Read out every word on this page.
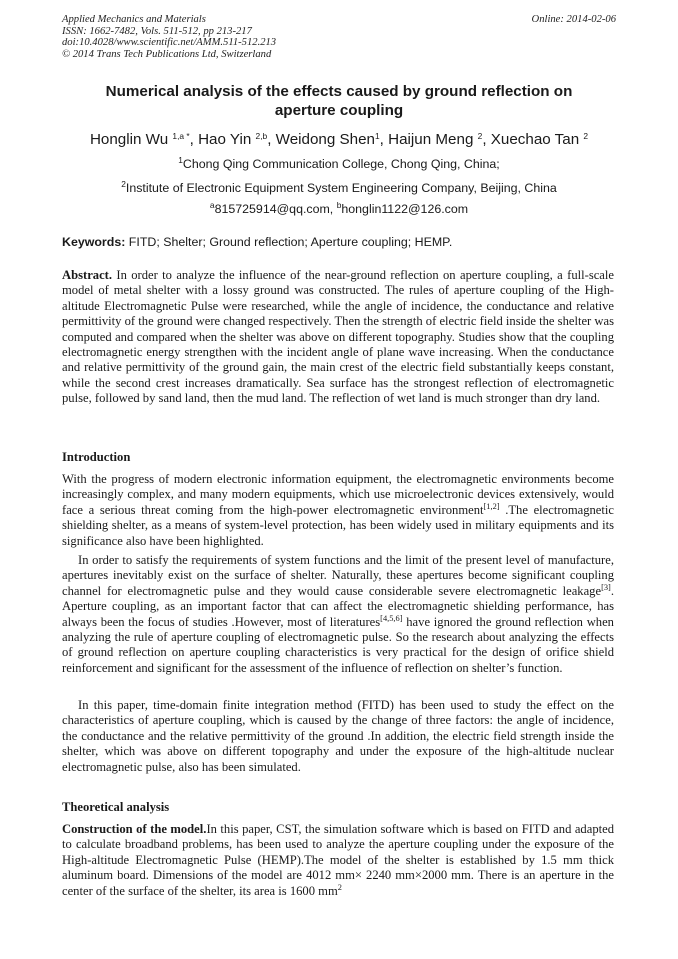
Applied Mechanics and Materials
ISSN: 1662-7482, Vols. 511-512, pp 213-217
doi:10.4028/www.scientific.net/AMM.511-512.213
© 2014 Trans Tech Publications Ltd, Switzerland
Online: 2014-02-06
Numerical analysis of the effects caused by ground reflection on
aperture coupling
Honglin Wu $^{1,a *}$, Hao Yin $^{2,b}$, Weidong Shen$^1$, Haijun Meng $^2$, Xuechao Tan $^2$
$^1$Chong Qing Communication College, Chong Qing, China;
$^2$Institute of Electronic Equipment System Engineering Company, Beijing, China
$^a$815725914@qq.com, $^b$honglin1122@126.com
Keywords: FITD; Shelter; Ground reflection; Aperture coupling; HEMP.
Abstract. In order to analyze the influence of the near-ground reflection on aperture coupling, a full-scale model of metal shelter with a lossy ground was constructed. The rules of aperture coupling of the High-altitude Electromagnetic Pulse were researched, while the angle of incidence, the conductance and relative permittivity of the ground were changed respectively. Then the strength of electric field inside the shelter was computed and compared when the shelter was above on different topography. Studies show that the coupling electromagnetic energy strengthen with the incident angle of plane wave increasing. When the conductance and relative permittivity of the ground gain, the main crest of the electric field substantially keeps constant, while the second crest increases dramatically. Sea surface has the strongest reflection of electromagnetic pulse, followed by sand land, then the mud land. The reflection of wet land is much stronger than dry land.
Introduction
With the progress of modern electronic information equipment, the electromagnetic environments become increasingly complex, and many modern equipments, which use microelectronic devices extensively, would face a serious threat coming from the high-power electromagnetic environment[1,2] .The electromagnetic shielding shelter, as a means of system-level protection, has been widely used in military equipments and its significance also have been highlighted.
In order to satisfy the requirements of system functions and the limit of the present level of manufacture, apertures inevitably exist on the surface of shelter. Naturally, these apertures become significant coupling channel for electromagnetic pulse and they would cause considerable severe electromagnetic leakage[3]. Aperture coupling, as an important factor that can affect the electromagnetic shielding performance, has always been the focus of studies .However, most of literatures[4,5,6] have ignored the ground reflection when analyzing the rule of aperture coupling of electromagnetic pulse. So the research about analyzing the effects of ground reflection on aperture coupling characteristics is very practical for the design of orifice shield reinforcement and significant for the assessment of the influence of reflection on shelter’s function.
In this paper, time-domain finite integration method (FITD) has been used to study the effect on the characteristics of aperture coupling, which is caused by the change of three factors: the angle of incidence, the conductance and the relative permittivity of the ground .In addition, the electric field strength inside the shelter, which was above on different topography and under the exposure of the high-altitude nuclear electromagnetic pulse, also has been simulated.
Theoretical analysis
Construction of the model.In this paper, CST, the simulation software which is based on FITD and adapted to calculate broadband problems, has been used to analyze the aperture coupling under the exposure of the High-altitude Electromagnetic Pulse (HEMP).The model of the shelter is established by 1.5 mm thick aluminum board. Dimensions of the model are 4012 mm× 2240 mm×2000 mm. There is an aperture in the center of the surface of the shelter, its area is 1600 $mm^2$
